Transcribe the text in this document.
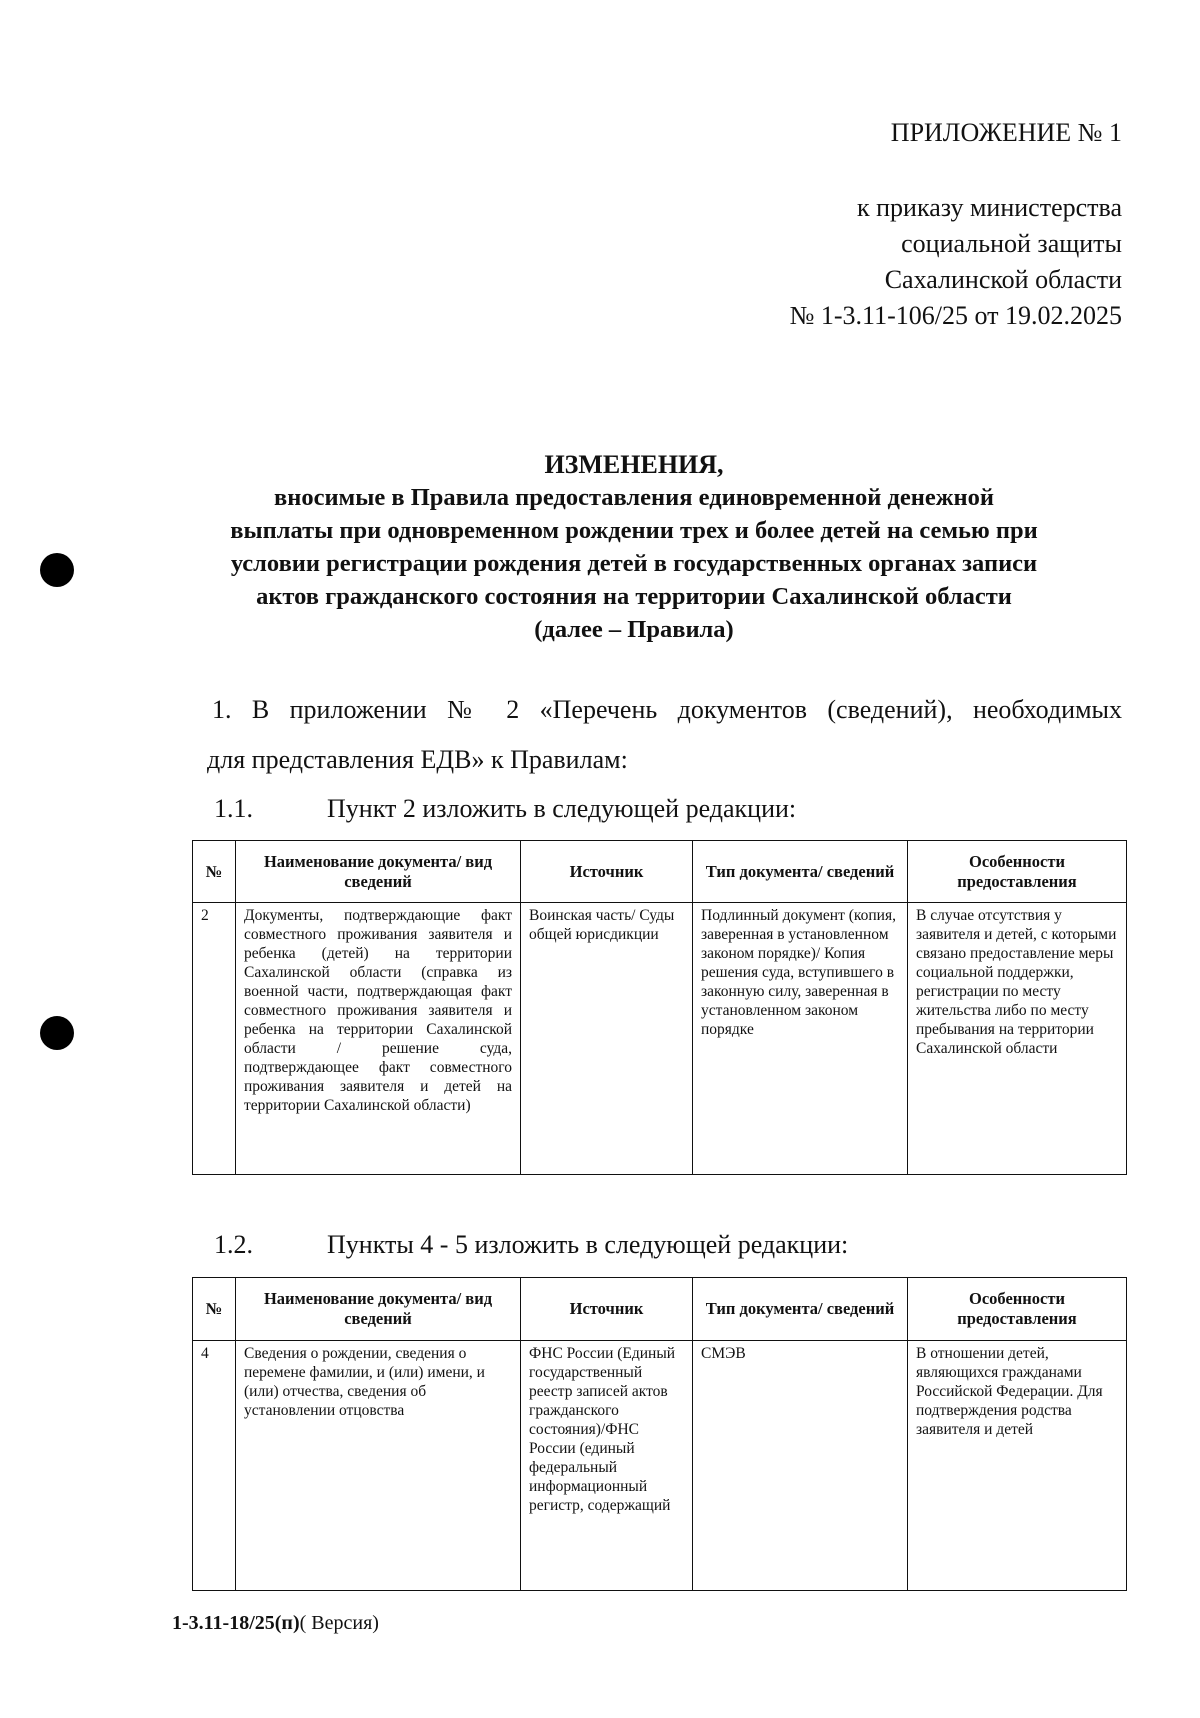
ПРИЛОЖЕНИЕ № 1
к приказу министерства
социальной защиты
Сахалинской области
№ 1-3.11-106/25 от 19.02.2025
ИЗМЕНЕНИЯ,
вносимые в Правила предоставления единовременной денежной
выплаты при одновременном рождении трех и более детей на семью при
условии регистрации рождения детей в государственных органах записи
актов гражданского состояния на территории Сахалинской области
(далее – Правила)
1. В приложении № 2 «Перечень документов (сведений), необходимых
для представления ЕДВ» к Правилам:
1.1.	Пункт 2 изложить в следующей редакции:
№	Наименование документа/ вид сведений	Источник	Тип документа/ сведений	Особенности предоставления
2	Документы, подтверждающие факт совместного проживания заявителя и ребенка (детей) на территории Сахалинской области (справка из военной части, подтверждающая факт совместного проживания заявителя и ребенка на территории Сахалинской области / решение суда, подтверждающее факт совместного проживания заявителя и детей на территории Сахалинской области)	Воинская часть/ Суды общей юрисдикции	Подлинный документ (копия, заверенная в установленном законом порядке)/ Копия решения суда, вступившего в законную силу, заверенная в установленном законом порядке	В случае отсутствия у заявителя и детей, с которыми связано предоставление меры социальной поддержки, регистрации по месту жительства либо по месту пребывания на территории Сахалинской области
1.2.	Пункты 4 - 5 изложить в следующей редакции:
№	Наименование документа/ вид сведений	Источник	Тип документа/ сведений	Особенности предоставления
4	Сведения о рождении, сведения о перемене фамилии, и (или) имени, и (или) отчества, сведения об установлении отцовства	ФНС России (Единый государственный реестр записей актов гражданского состояния)/ФНС России (единый федеральный информационный регистр, содержащий	СМЭВ	В отношении детей, являющихся гражданами Российской Федерации. Для подтверждения родства заявителя и детей
1-3.11-18/25(п)( Версия)
